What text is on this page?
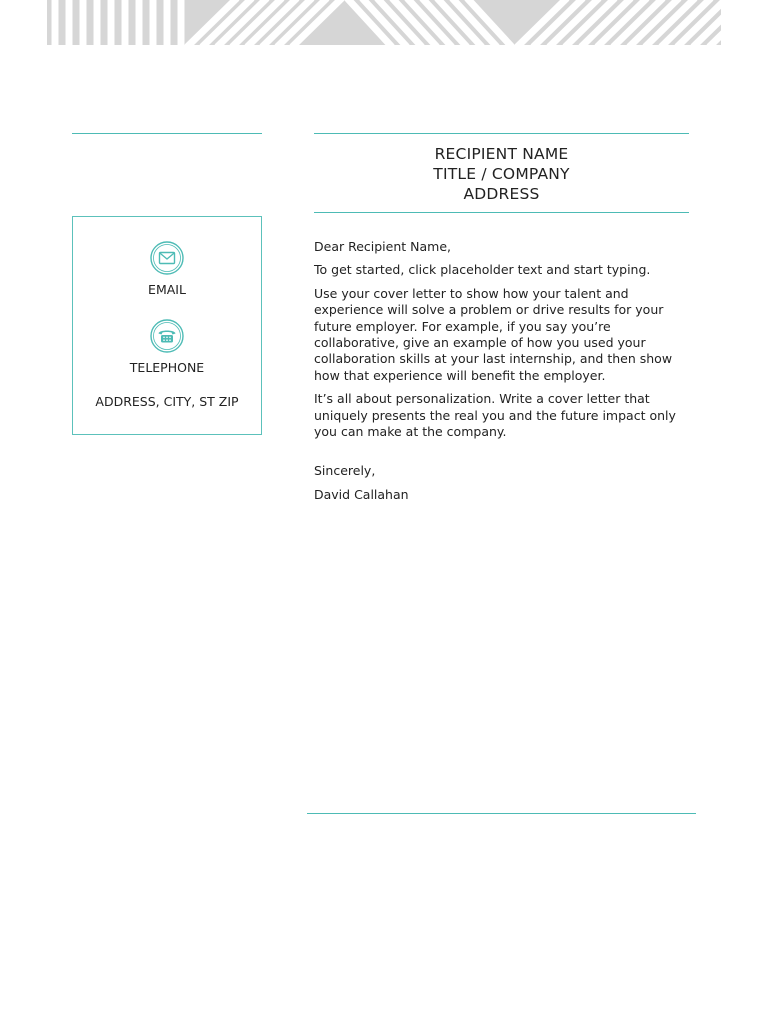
RECIPIENT NAME
TITLE / COMPANY
ADDRESS
EMAIL
TELEPHONE
ADDRESS, CITY, ST ZIP

Dear Recipient Name,

To get started, click placeholder text and start typing.

Use your cover letter to show how your talent and experience will solve a problem or drive results for your future employer. For example, if you say you’re collaborative, give an example of how you used your collaboration skills at your last internship, and then show how that experience will benefit the employer.

It’s all about personalization. Write a cover letter that uniquely presents the real you and the future impact only you can make at the company.

Sincerely,

David Callahan
